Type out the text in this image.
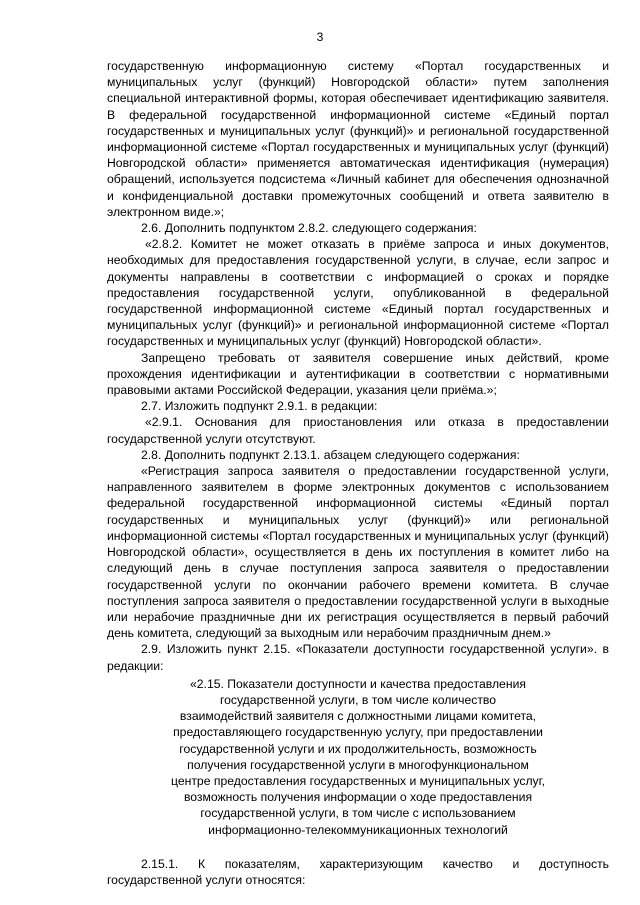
3

государственную информационную систему «Портал государственных и муниципальных услуг (функций) Новгородской области» путем заполнения специальной интерактивной формы, которая обеспечивает идентификацию заявителя. В федеральной государственной информационной системе «Единый портал государственных и муниципальных услуг (функций)» и региональной государственной информационной системе «Портал государственных и муниципальных услуг (функций) Новгородской области» применяется автоматическая идентификация (нумерация) обращений, используется подсистема «Личный кабинет для обеспечения однозначной и конфиденциальной доставки промежуточных сообщений и ответа заявителю в электронном виде.»;

2.6. Дополнить подпунктом 2.8.2. следующего содержания:

«2.8.2. Комитет не может отказать в приёме запроса и иных документов, необходимых для предоставления государственной услуги, в случае, если запрос и документы направлены в соответствии с информацией о сроках и порядке предоставления государственной услуги, опубликованной в федеральной государственной информационной системе «Единый портал государственных и муниципальных услуг (функций)» и региональной информационной системе «Портал государственных и муниципальных услуг (функций) Новгородской области».

Запрещено требовать от заявителя совершение иных действий, кроме прохождения идентификации и аутентификации в соответствии с нормативными правовыми актами Российской Федерации, указания цели приёма.»;

2.7. Изложить подпункт 2.9.1. в редакции:

«2.9.1. Основания для приостановления или отказа в предоставлении государственной услуги отсутствуют.

2.8. Дополнить подпункт 2.13.1. абзацем следующего содержания:

«Регистрация запроса заявителя о предоставлении государственной услуги, направленного заявителем в форме электронных документов с использованием федеральной государственной информационной системы «Единый портал государственных и муниципальных услуг (функций)» или региональной информационной системы «Портал государственных и муниципальных услуг (функций) Новгородской области», осуществляется в день их поступления в комитет либо на следующий день в случае поступления запроса заявителя о предоставлении государственной услуги по окончании рабочего времени комитета. В случае поступления запроса заявителя о предоставлении государственной услуги в выходные или нерабочие праздничные дни их регистрация осуществляется в первый рабочий день комитета, следующий за выходным или нерабочим праздничным днем.»

2.9. Изложить пункт 2.15. «Показатели доступности государственной услуги». в редакции:

«2.15. Показатели доступности и качества предоставления
государственной услуги, в том числе количество
взаимодействий заявителя с должностными лицами комитета,
предоставляющего государственную услугу, при предоставлении
государственной услуги и их продолжительность, возможность
получения государственной услуги в многофункциональном
центре предоставления государственных и муниципальных услуг,
возможность получения информации о ходе предоставления
государственной услуги, в том числе с использованием
информационно-телекоммуникационных технологий

2.15.1. К показателям, характеризующим качество и доступность государственной услуги относятся:
